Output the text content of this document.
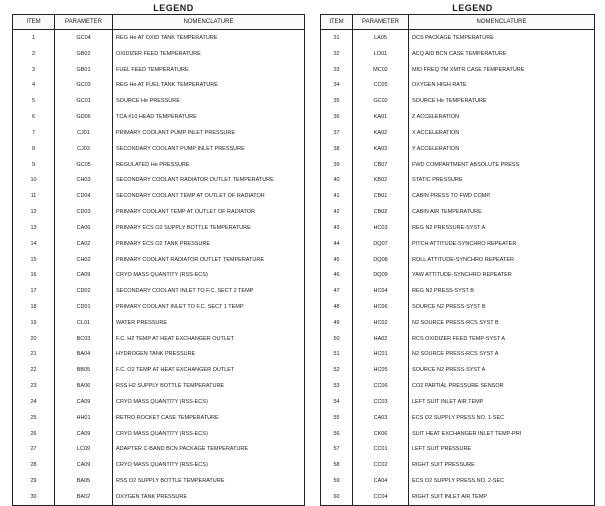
LEGEND
ITEM	PARAMETER	NOMENCLATURE
1	GC04	REG He AT OXID TANK TEMPERATURE
2	GB02	OXIDIZER FEED TEMPERATURE
3	GB01	FUEL FEED TEMPERATURE
4	GC03	REG He AT FUEL TANK TEMPERATURE
5	GC01	SOURCE He PRESSURE
6	GD06	TCA #10 HEAD TEMPERATURE
7	CJ01	PRIMARY COOLANT PUMP INLET PRESSURE
8	CJ02	SECONDARY COOLANT PUMP INLET PRESSURE
9	GC05	REGULATED He PRESSURE
10	CH03	SECONDARY COOLANT RADIATOR OUTLET TEMPERATURE
11	CD04	SECONDARY COOLANT TEMP AT OUTLET OF RADIATOR
12	CD03	PRIMARY COOLANT TEMP AT OUTLET OF RADIATOR
13	CA06	PRIMARY ECS O2 SUPPLY BOTTLE TEMPERATURE
14	CA02	PRIMARY ECS O2 TANK PRESSURE
15	CH02	PRIMARY COOLANT RADIATOR OUTLET TEMPERATURE
16	CA09	CRYO MASS QUANTITY (RSS-ECS)
17	CD02	SECONDARY COOLANT INLET TO F.C. SECT 2 TEMP
18	CD01	PRIMARY COOLANT INLET TO F.C. SECT 1 TEMP
19	CL01	WATER PRESSURE
20	BC03	F.C. H2 TEMP AT HEAT EXCHANGER OUTLET
21	BA04	HYDROGEN TANK PRESSURE
22	BB05	F.C. O2 TEMP AT HEAT EXCHANGER OUTLET
23	BA06	RSS H2 SUPPLY BOTTLE TEMPERATURE
24	CA09	CRYO MASS QUANTITY (RSS-ECS)
25	HH01	RETRO ROCKET CASE TEMPERATURE
26	CA09	CRYO MASS QUANTITY (RSS-ECS)
27	LC09	ADAPTER C-BAND BCN PACKAGE TEMPERATURE
28	CA09	CRYO MASS QUANTITY (RSS-ECS)
29	BA05	RSS O2 SUPPLY BOTTLE TEMPERATURE
30	BA02	OXYGEN TANK PRESSURE
LEGEND
ITEM	PARAMETER	NOMENCLATURE
31	LA05	DCS PACKAGE TEMPERATURE
32	LD01	ACQ AID BCN CASE TEMPERATURE
33	MC02	MID FREQ TM XMTR CASE TEMPERATURE
34	CC05	OXYGEN HIGH RATE
35	GC02	SOURCE He TEMPERATURE
36	KA01	Z ACCELERATION
37	KA02	X ACCELERATION
38	KA03	Y ACCELERATION
39	CB07	FWD COMPARTMENT ABSOLUTE PRESS
40	KB02	STATIC PRESSURE
41	CB01	CABIN PRESS TO FWD COMP.
42	CB02	CABIN AIR TEMPERATURE
43	HC03	REG N2 PRESSURE-SYST A
44	DQ07	PITCH ATTITUDE-SYNCHRO REPEATER
45	DQ08	ROLL ATTITUDE-SYNCHRO REPEATER
46	DQ09	YAW ATTITUDE-SYNCHRO REPEATER
47	HC04	REG N2 PRESS-SYST B
48	HC06	SOURCE N2 PRESS-SYST B
49	HC02	N2 SOURCE PRESS-RCS SYST B
50	HA02	RCS OXIDIZER FEED TEMP-SYST A
51	HC01	N2 SOURCE PRESS-RCS SYST A
52	HC05	SOURCE N2 PRESS-SYST A
53	CC06	CO2 PARTIAL PRESSURE SENSOR
54	CC03	LEFT SUIT INLET AIR TEMP
55	CA03	ECS O2 SUPPLY PRESS NO. 1-SEC
56	CK06	SUIT HEAT EXCHANGER INLET TEMP-PRI
57	CC01	LEFT SUIT PRESSURE
58	CC02	RIGHT SUIT PRESSURE
59	CA04	ECS O2 SUPPLY PRESS NO. 2-SEC
60	CC04	RIGHT SUIT INLET AIR TEMP
